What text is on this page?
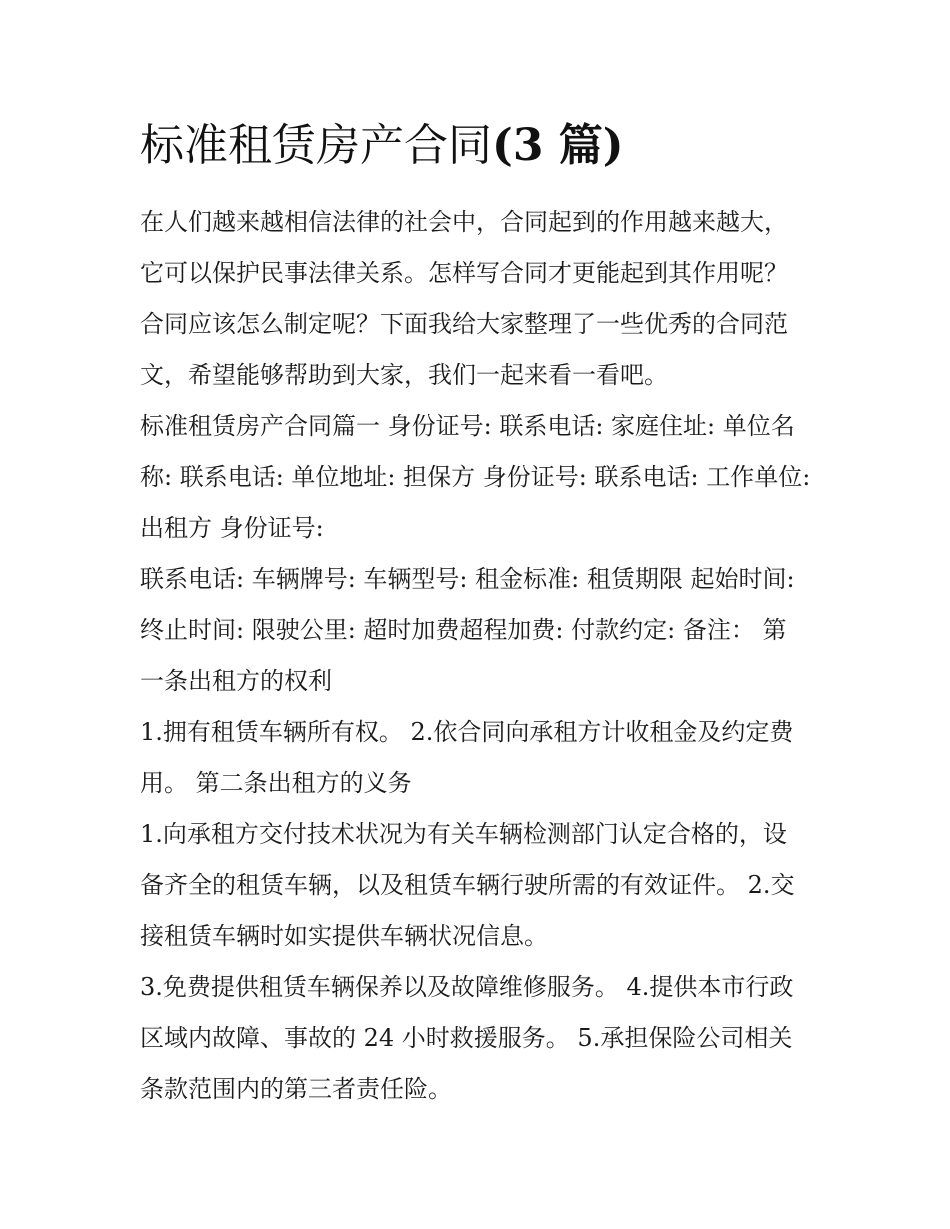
标准租赁房产合同(3 篇)

在人们越来越相信法律的社会中，合同起到的作用越来越大，
它可以保护民事法律关系。怎样写合同才更能起到其作用呢？
合同应该怎么制定呢？下面我给大家整理了一些优秀的合同范
文，希望能够帮助到大家，我们一起来看一看吧。

标准租赁房产合同篇一 身份证号: 联系电话: 家庭住址: 单位名
称: 联系电话: 单位地址: 担保方 身份证号: 联系电话: 工作单位:
出租方 身份证号:

联系电话: 车辆牌号: 车辆型号: 租金标准: 租赁期限 起始时间:
终止时间: 限驶公里: 超时加费超程加费: 付款约定: 备注： 第
一条出租方的权利

1.拥有租赁车辆所有权。 2.依合同向承租方计收租金及约定费
用。 第二条出租方的义务

1.向承租方交付技术状况为有关车辆检测部门认定合格的，设
备齐全的租赁车辆，以及租赁车辆行驶所需的有效证件。 2.交
接租赁车辆时如实提供车辆状况信息。

3.免费提供租赁车辆保养以及故障维修服务。 4.提供本市行政
区域内故障、事故的 24 小时救援服务。 5.承担保险公司相关
条款范围内的第三者责任险。
